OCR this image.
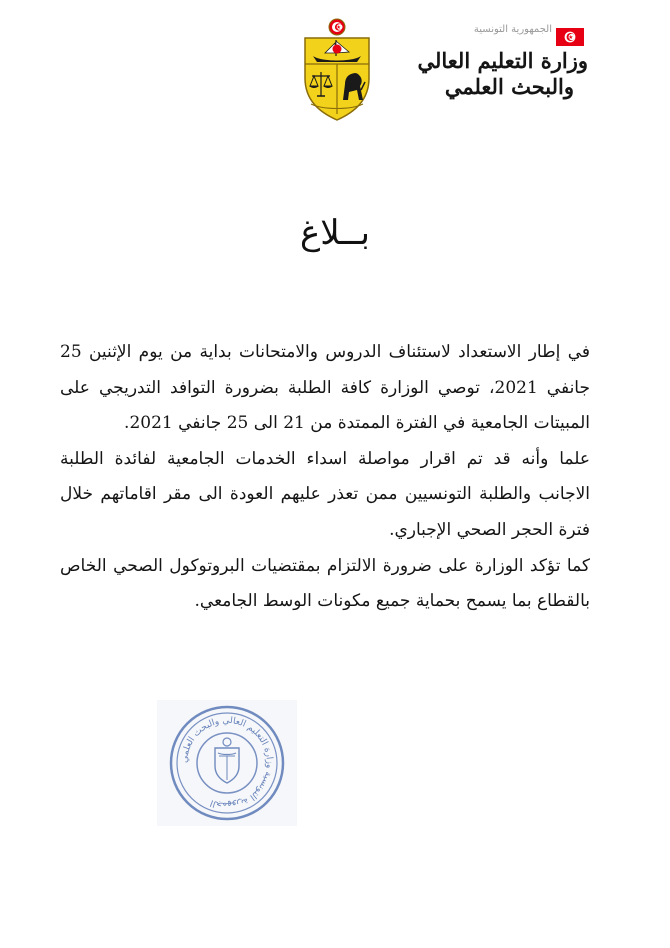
الجمهورية التونسية
وزارة التعليم العالي
والبحث العلمي
بــلاغ

في إطار الاستعداد لاستئناف الدروس والامتحانات بداية من يوم الإثنين 25 جانفي 2021، توصي الوزارة كافة الطلبة بضرورة التوافد التدريجي على المبيتات الجامعية في الفترة الممتدة من 21 الى 25 جانفي 2021.

علما وأنه قد تم اقرار مواصلة اسداء الخدمات الجامعية لفائدة الطلبة الاجانب والطلبة التونسيين ممن تعذر عليهم العودة الى مقر اقاماتهم خلال فترة الحجر الصحي الإجباري.

كما تؤكد الوزارة على ضرورة الالتزام بمقتضيات البروتوكول الصحي الخاص بالقطاع بما يسمح بحماية جميع مكونات الوسط الجامعي.

الجمهورية التونسية وزارة التعليم العالي والبحث العلمي
